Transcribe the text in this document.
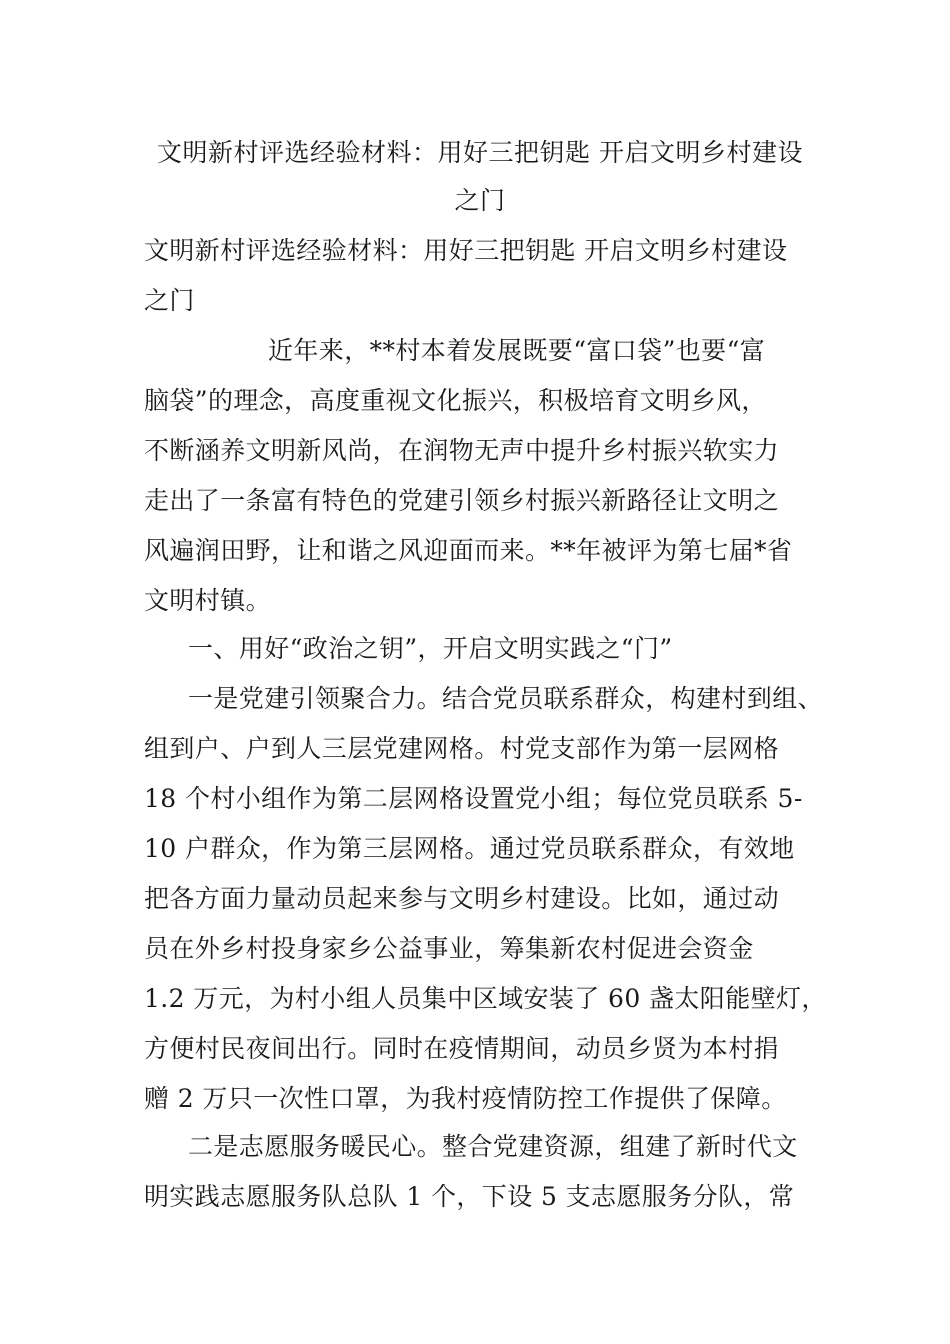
文明新村评选经验材料：用好三把钥匙 开启文明乡村建设
之门
文明新村评选经验材料：用好三把钥匙 开启文明乡村建设
之门
近年来，**村本着发展既要“富口袋”也要“富
脑袋”的理念，高度重视文化振兴，积极培育文明乡风，
不断涵养文明新风尚，在润物无声中提升乡村振兴软实力
走出了一条富有特色的党建引领乡村振兴新路径让文明之
风遍润田野，让和谐之风迎面而来。**年被评为第七届*省
文明村镇。
一、用好“政治之钥”，开启文明实践之“门”
一是党建引领聚合力。结合党员联系群众，构建村到组、
组到户、户到人三层党建网格。村党支部作为第一层网格
18 个村小组作为第二层网格设置党小组；每位党员联系 5-
10 户群众，作为第三层网格。通过党员联系群众，有效地
把各方面力量动员起来参与文明乡村建设。比如，通过动
员在外乡村投身家乡公益事业，筹集新农村促进会资金
1.2 万元，为村小组人员集中区域安装了 60 盏太阳能壁灯，
方便村民夜间出行。同时在疫情期间，动员乡贤为本村捐
赠 2 万只一次性口罩，为我村疫情防控工作提供了保障。
二是志愿服务暖民心。整合党建资源，组建了新时代文
明实践志愿服务队总队 1 个，下设 5 支志愿服务分队，常
